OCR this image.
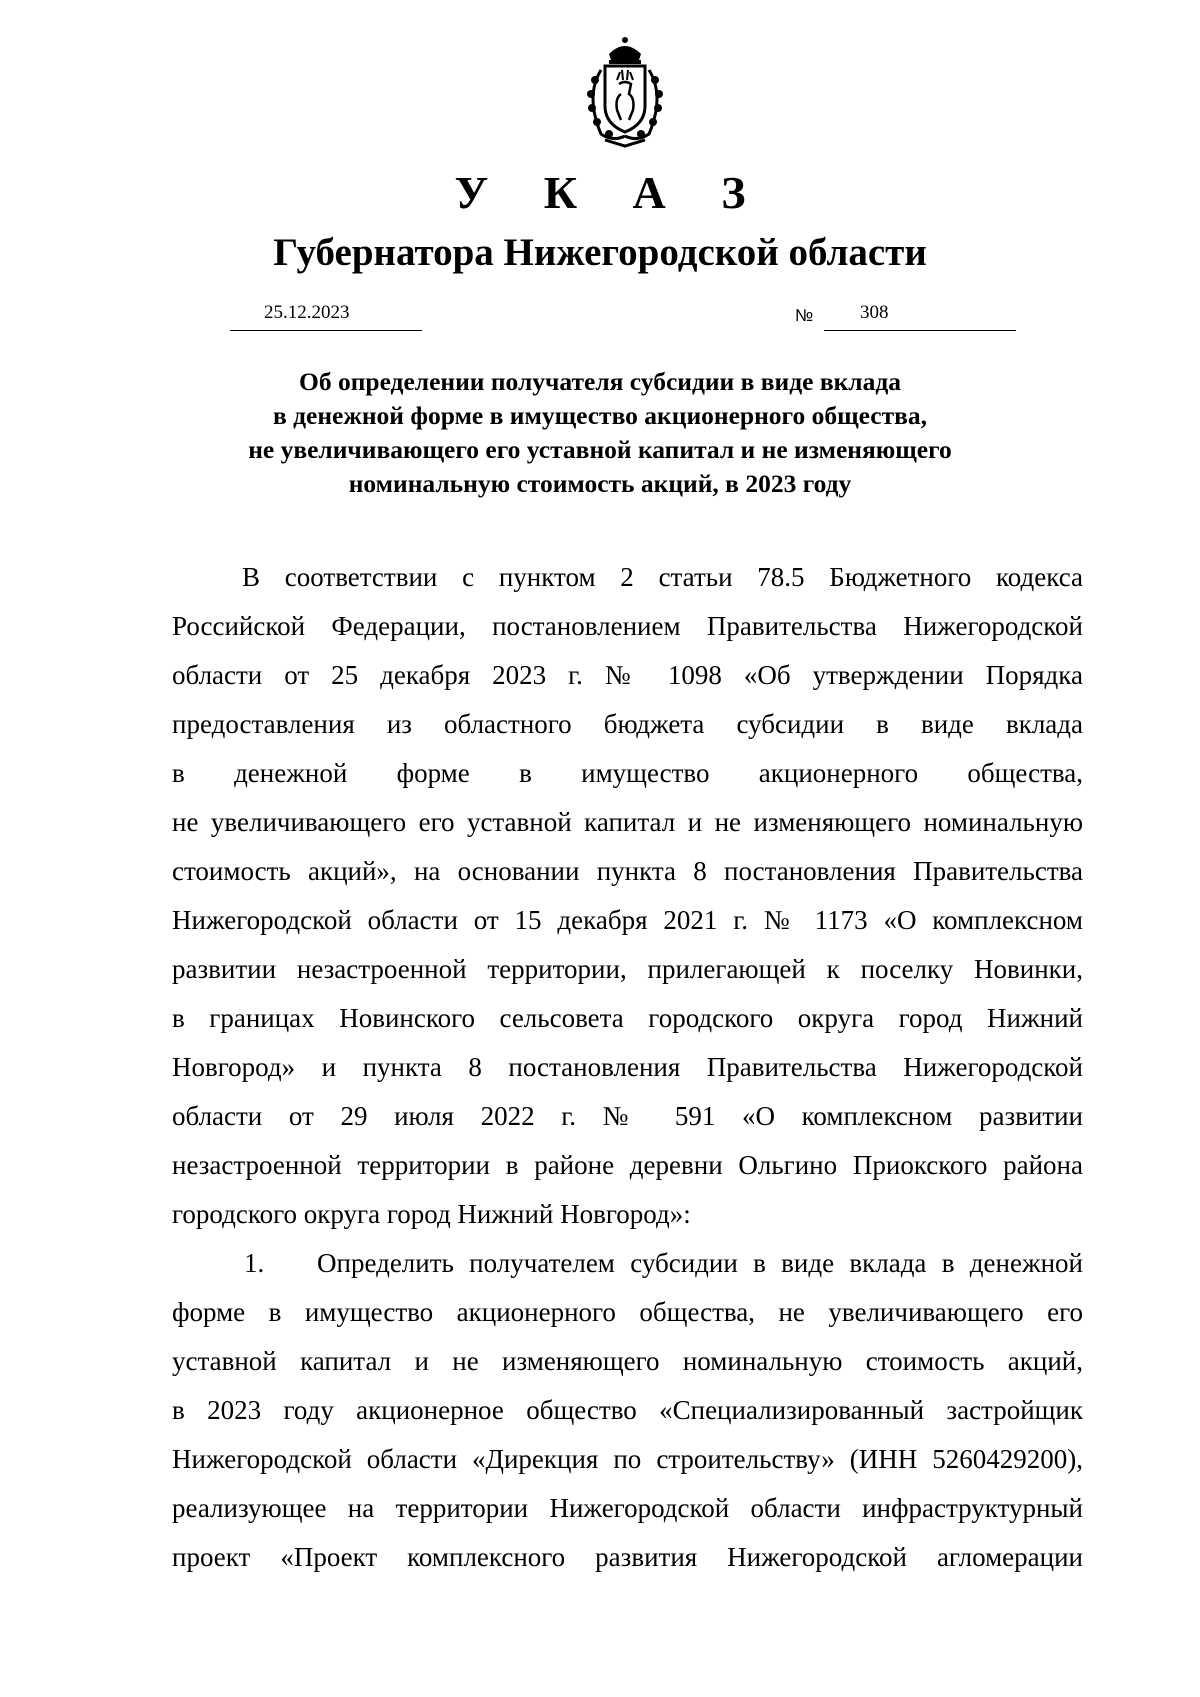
У К А З
Губернатора Нижегородской области
25.12.2023	№ 308
Об определении получателя субсидии в виде вклада
в денежной форме в имущество акционерного общества,
не увеличивающего его уставной капитал и не изменяющего
номинальную стоимость акций, в 2023 году
В соответствии с пунктом 2 статьи 78.5 Бюджетного кодекса
Российской Федерации, постановлением Правительства Нижегородской
области от 25 декабря 2023 г. № 1098 «Об утверждении Порядка
предоставления из областного бюджета субсидии в виде вклада
в денежной форме в имущество акционерного общества,
не увеличивающего его уставной капитал и не изменяющего номинальную
стоимость акций», на основании пункта 8 постановления Правительства
Нижегородской области от 15 декабря 2021 г. № 1173 «О комплексном
развитии незастроенной территории, прилегающей к поселку Новинки,
в границах Новинского сельсовета городского округа город Нижний
Новгород» и пункта 8 постановления Правительства Нижегородской
области от 29 июля 2022 г. № 591 «О комплексном развитии
незастроенной территории в районе деревни Ольгино Приокского района
городского округа город Нижний Новгород»:
1.	Определить получателем субсидии в виде вклада в денежной
форме в имущество акционерного общества, не увеличивающего его
уставной капитал и не изменяющего номинальную стоимость акций,
в 2023 году акционерное общество «Специализированный застройщик
Нижегородской области «Дирекция по строительству» (ИНН 5260429200),
реализующее на территории Нижегородской области инфраструктурный
проект «Проект комплексного развития Нижегородской агломерации
